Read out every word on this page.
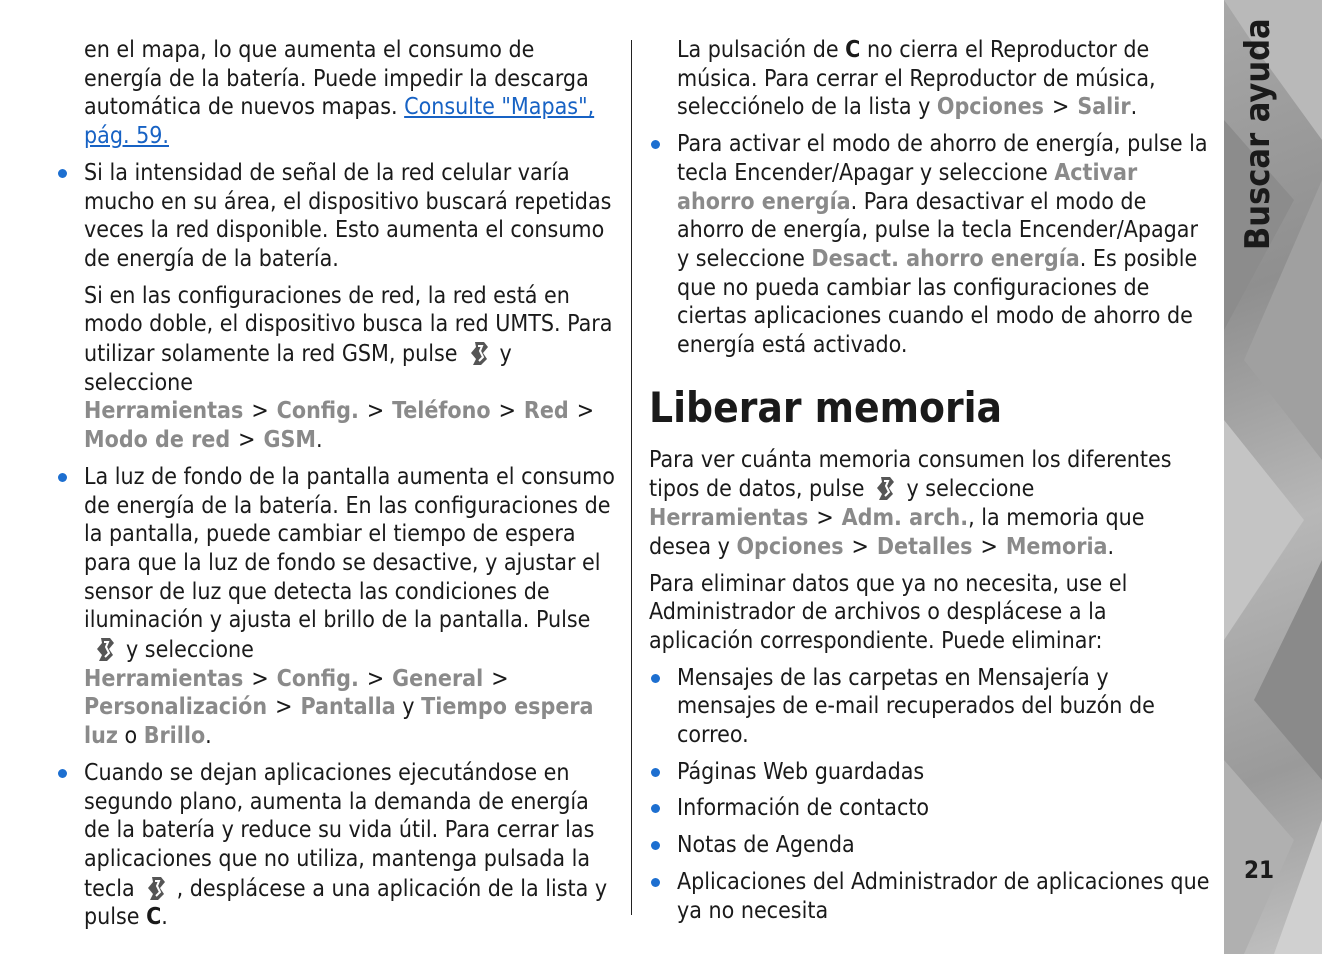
en el mapa, lo que aumenta el consumo de energía de la batería. Puede impedir la descarga automática de nuevos mapas. Consulte "Mapas", pág. 59.

Si la intensidad de señal de la red celular varía mucho en su área, el dispositivo buscará repetidas veces la red disponible. Esto aumenta el consumo de energía de la batería.

Si en las configuraciones de red, la red está en modo doble, el dispositivo busca la red UMTS. Para utilizar solamente la red GSM, pulse y seleccione
Herramientas > Config. > Teléfono > Red >
Modo de red > GSM.

La luz de fondo de la pantalla aumenta el consumo de energía de la batería. En las configuraciones de la pantalla, puede cambiar el tiempo de espera para que la luz de fondo se desactive, y ajustar el sensor de luz que detecta las condiciones de iluminación y ajusta el brillo de la pantalla. Pulsey seleccione
Herramientas > Config. > General >
Personalización > Pantalla y Tiempo espera luz o Brillo.

Cuando se dejan aplicaciones ejecutándose en segundo plano, aumenta la demanda de energía de la batería y reduce su vida útil. Para cerrar las aplicaciones que no utiliza, mantenga pulsada la tecla , desplácese a una aplicación de la lista y pulse C.

La pulsación de C no cierra el Reproductor de música. Para cerrar el Reproductor de música, selecciónelo de la lista y Opciones > Salir.

Para activar el modo de ahorro de energía, pulse la tecla Encender/Apagar y seleccione Activar ahorro energía. Para desactivar el modo de ahorro de energía, pulse la tecla Encender/Apagar y seleccione Desact. ahorro energía. Es posible que no pueda cambiar las configuraciones de ciertas aplicaciones cuando el modo de ahorro de energía está activado.

Liberar memoria

Para ver cuánta memoria consumen los diferentes tipos de datos, pulse y seleccione Herramientas > Adm. arch., la memoria que desea y Opciones > Detalles > Memoria.

Para eliminar datos que ya no necesita, use el Administrador de archivos o desplácese a la aplicación correspondiente. Puede eliminar:

Mensajes de las carpetas en Mensajería y mensajes de e-mail recuperados del buzón de correo.
Páginas Web guardadas
Información de contacto
Notas de Agenda
Aplicaciones del Administrador de aplicaciones que ya no necesita
Buscar ayuda
21
